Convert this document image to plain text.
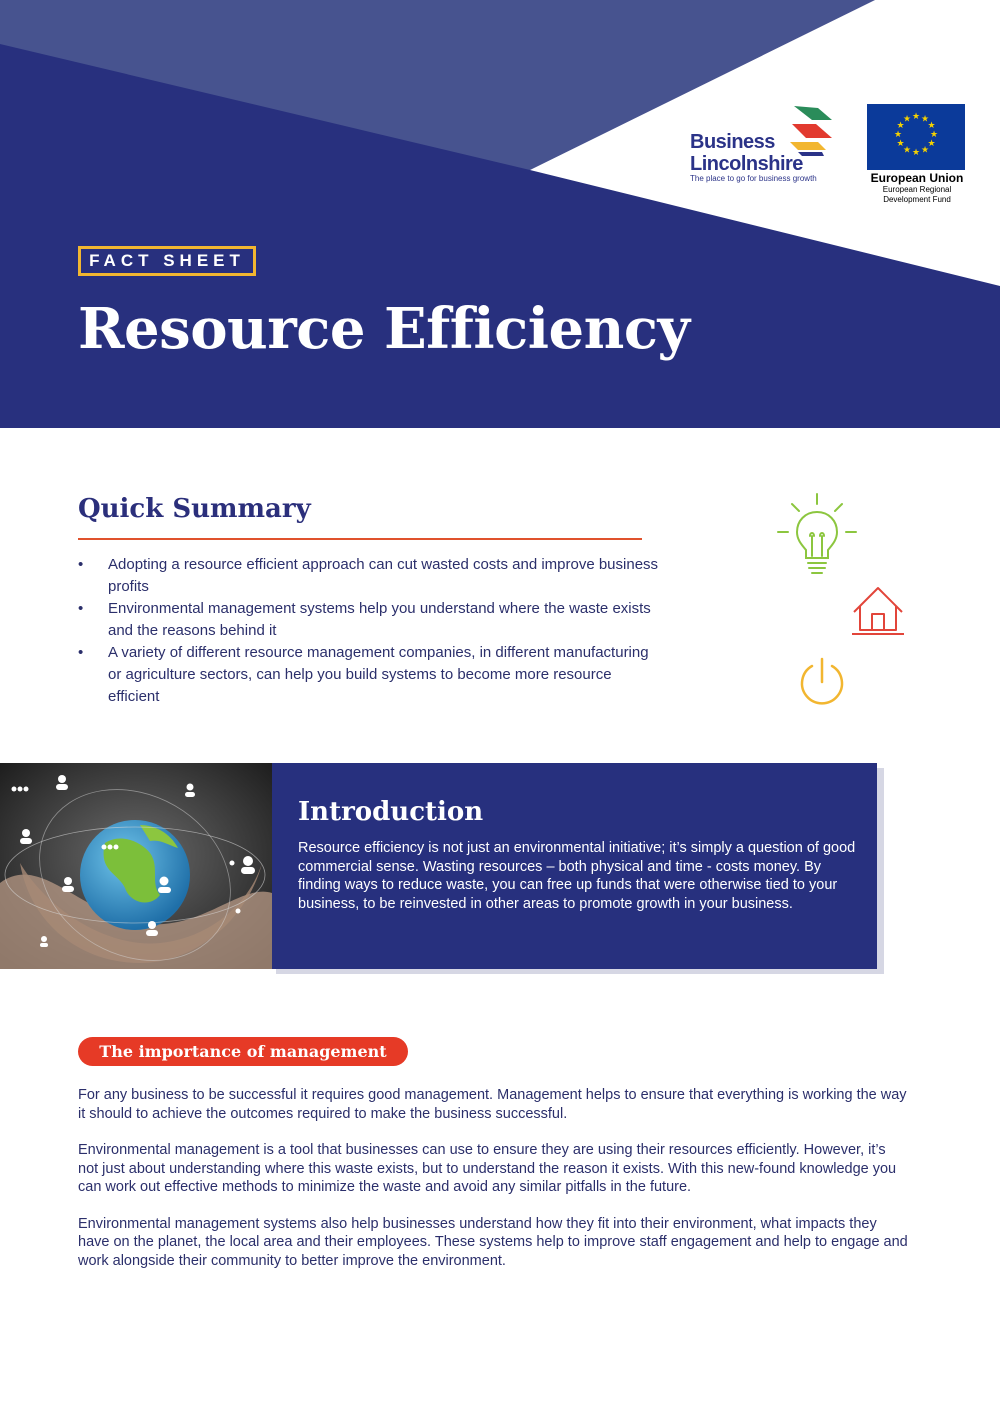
Business
Lincolnshire
The place to go for business growth
★ ★
★
★
★
★
★
★
★
★
★
★
European Union
European Regional
Development Fund
FACT SHEET
Resource Efficiency
Quick Summary
• Adopting a resource efficient approach can cut wasted costs and improve business profits
• Environmental management systems help you understand where the waste exists and the reasons behind it
• A variety of different resource management companies, in different manufacturing or agriculture sectors, can help you build systems to become more resource efficient
Introduction

Resource efficiency is not just an environmental initiative; it’s simply a question of good commercial sense. Wasting resources – both physical and time - costs money. By finding ways to reduce waste, you can free up funds that were otherwise tied to your business, to be reinvested in other areas to promote growth in your business.

The importance of management

For any business to be successful it requires good management. Management helps to ensure that everything is working the way it should to achieve the outcomes required to make the business successful.

Environmental management is a tool that businesses can use to ensure they are using their resources efficiently. However, it’s not just about understanding where this waste exists, but to understand the reason it exists. With this new-found knowledge you can work out effective methods to minimize the waste and avoid any similar pitfalls in the future.

Environmental management systems also help businesses understand how they fit into their environment, what impacts they have on the planet, the local area and their employees. These systems help to improve staff engagement and help to engage and work alongside their community to better improve the environment.
